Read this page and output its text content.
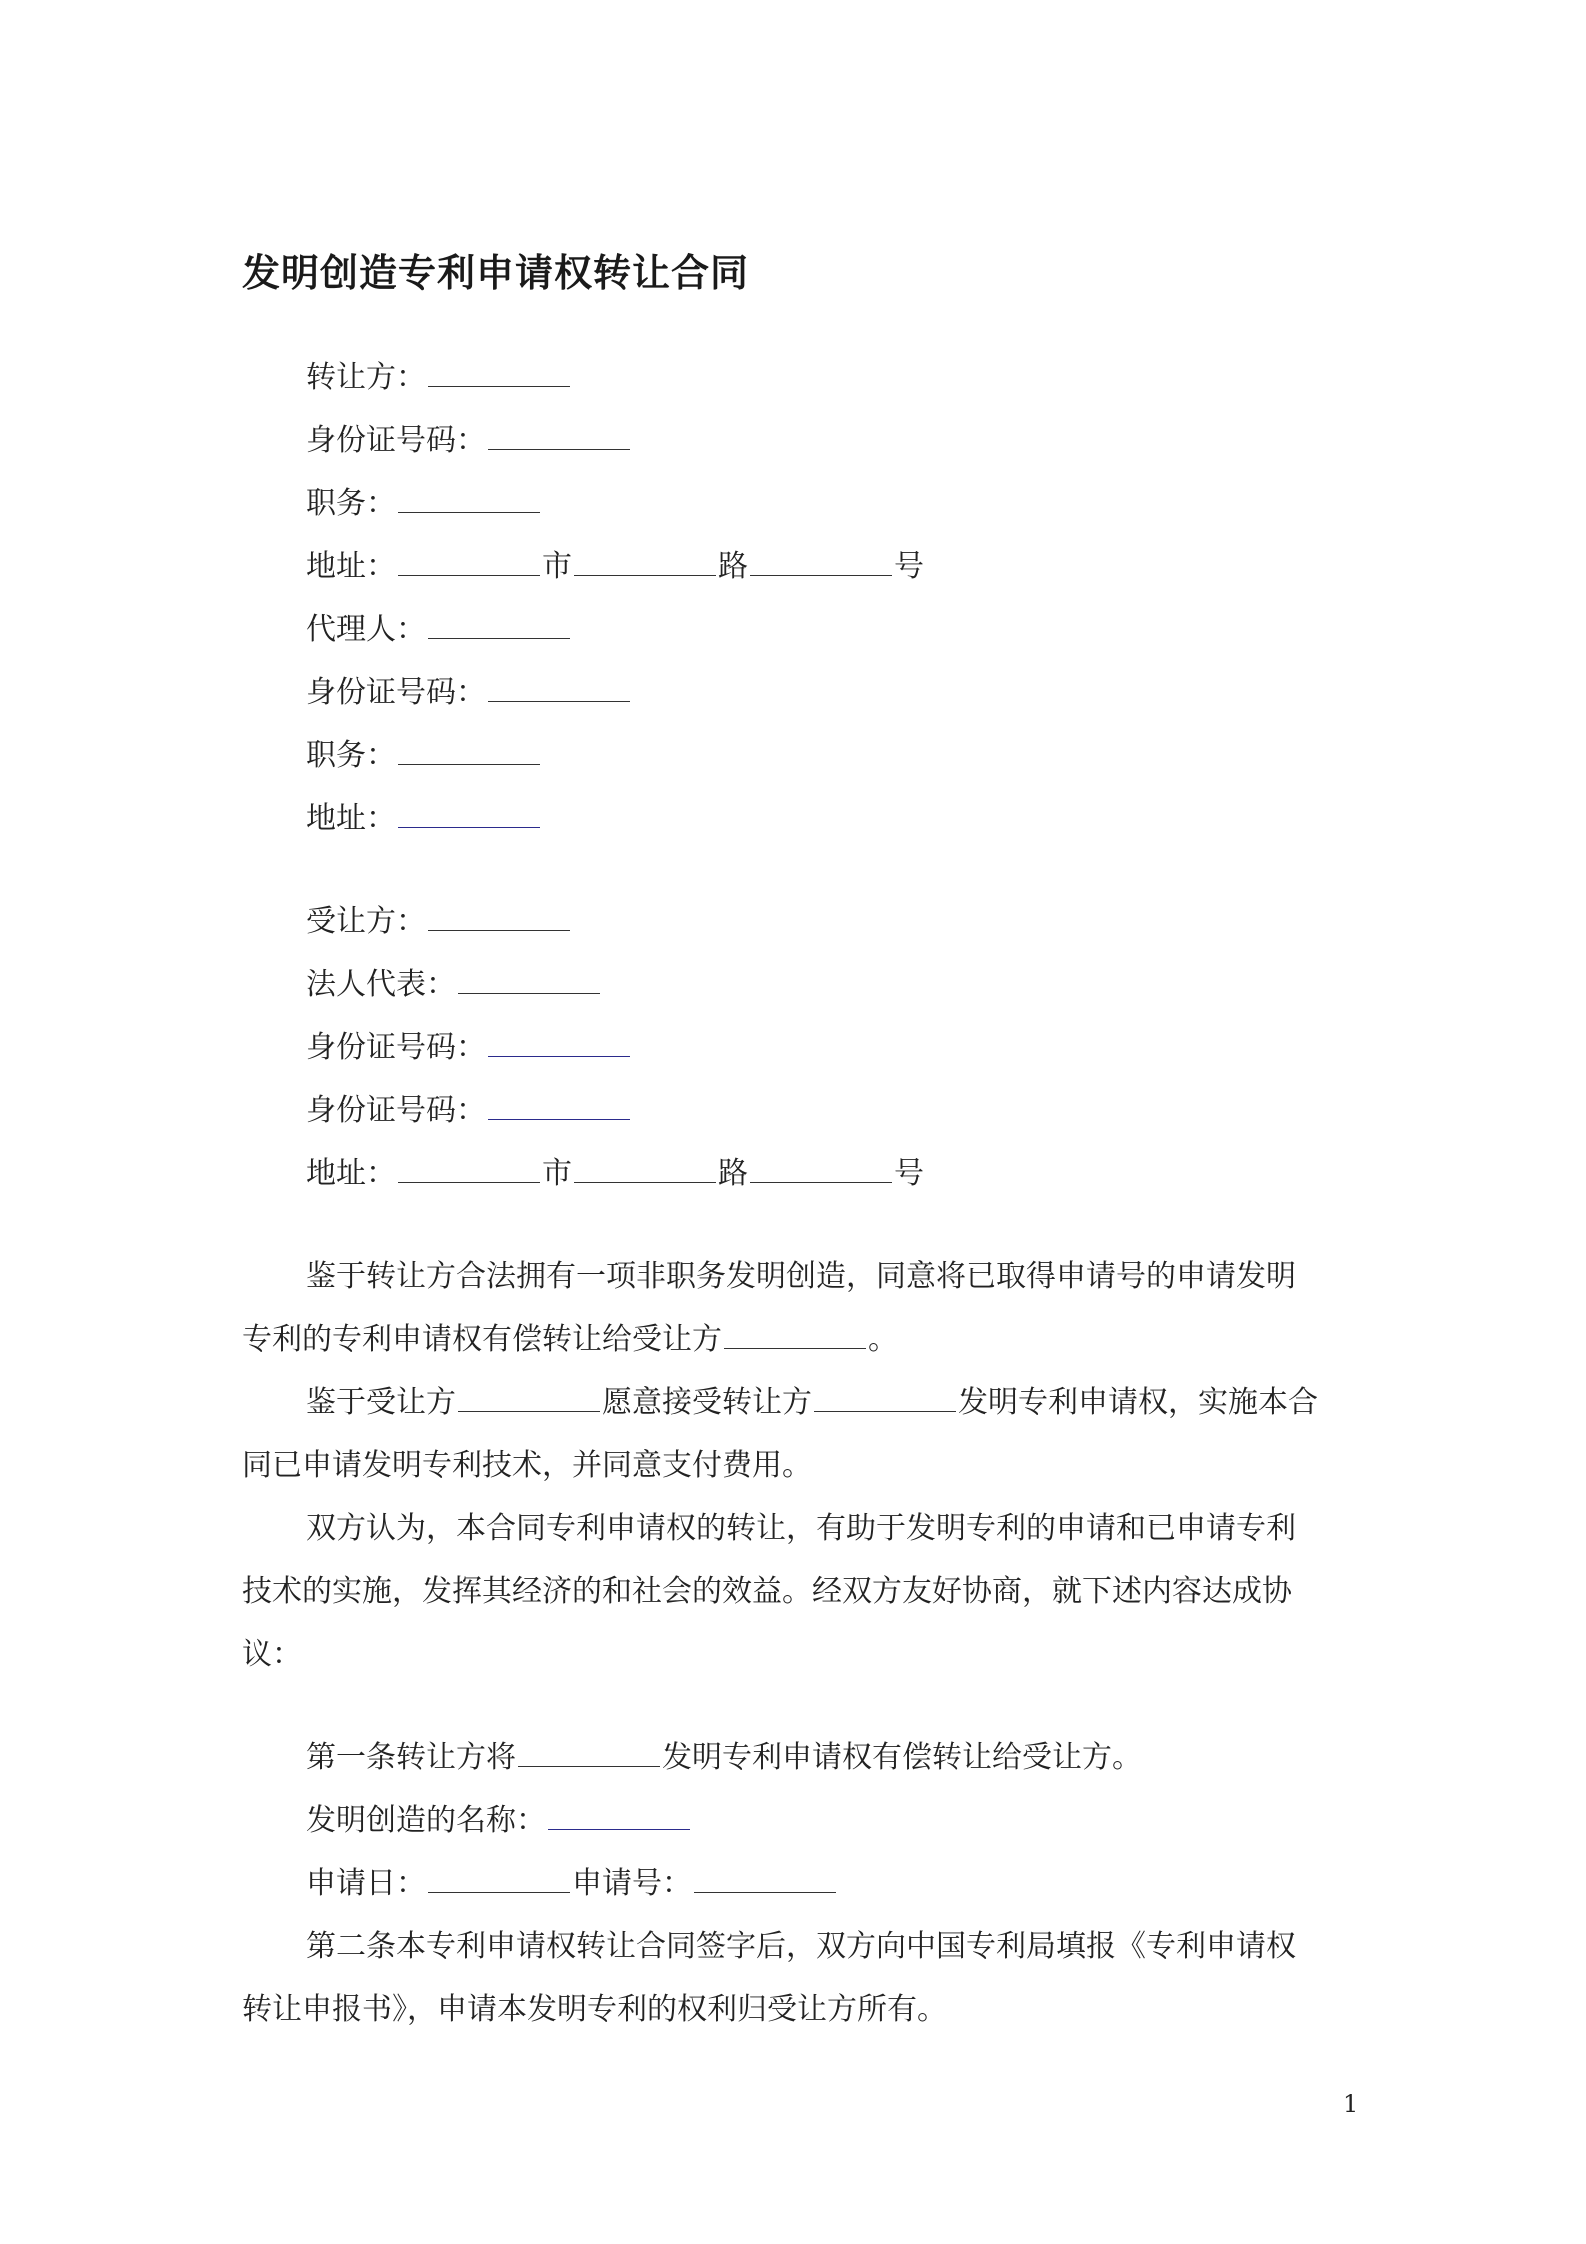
发明创造专利申请权转让合同
转让方：
身份证号码：
职务：
地址：	市	路	号
代理人：
身份证号码：
职务：
地址：
受让方：
法人代表：
身份证号码：
身份证号码：
地址：	市	路	号
鉴于转让方合法拥有一项非职务发明创造，同意将已取得申请号的申请发明
专利的专利申请权有偿转让给受让方	。
鉴于受让方	愿意接受转让方	发明专利申请权，实施本合
同已申请发明专利技术，并同意支付费用。
双方认为，本合同专利申请权的转让，有助于发明专利的申请和已申请专利
技术的实施，发挥其经济的和社会的效益。经双方友好协商，就下述内容达成协
议：
第一条转让方将	发明专利申请权有偿转让给受让方。
发明创造的名称：
申请日：	申请号：
第二条本专利申请权转让合同签字后，双方向中国专利局填报《专利申请权
转让申报书》，申请本发明专利的权利归受让方所有。
1
